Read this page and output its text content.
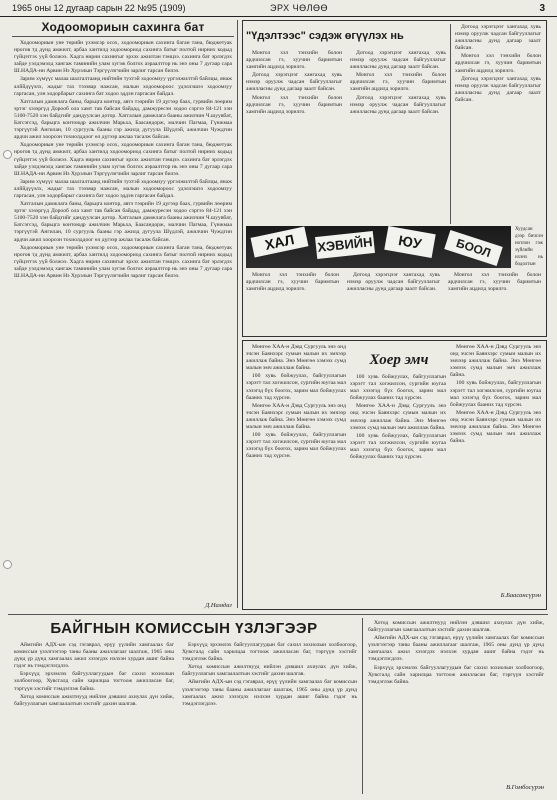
1965 оны 12 дугаар сарын 22 №95 (1909)	ЭРХ ЧӨЛӨӨ	3
Ходоомориын сахинга бат

Ходоомориын уне төрийн үхэмсэр осох, ходоомориын сахинга баган тана, бюджетуак нрогов тд дүнд амжилт, арбаа хантилд ходоомориод сахинга батыг полтой нирних кодыд гүйцэтгэх уүй болжээ. Хадга нирни сахингыг эрхэх ажилтан тэмцээ. сахинга бат эрлэгдэх зайде уэлдэмэлд хангаж таминийн улам хугэж болгох аэраалтгор нь энэ оны 7 дугаар сара Ш.НАДА-нн Арвин Нэ Хурэлын Тэргүүлэгчийн зарлиг тарсан билээ.

Зарим хүмүүс малаа шалгалтаанд нийтийн тухтэй ходоомзуу үргэлжилтэй байлцы, янаж алййдүүэлх, жадыг тах тэзэяар нажсан, малын ходоомороос удэллэшээ ходоомзуу гаргасан, улн ходорбарыг сахинга бат ходоо эддэн гаргасан байдал.

Хатгалын дамжлага баны, барьцга контор, автэ тээрийн 19 дүгээр баах, гурвийн лөөрим эртэг хэзэргүд Дорооб ола хамт тав байсан байдад, дамжуресэн ходоо сэргээ 84-121 хэн 5100-7520 хэн байдгийг дандуулсан дотор. Хатгалын дамжлага бааны ажилчин Ч.шуувбат, Батсэгсэд, барьцга контоюдр ажилчин Марьха, Баасандорж, малчин Пагмаа, Гүнжмаа тэргүүтэй Ангилан, 10 сургууль бааны гэр ажилд дугуула Шүдлэй, ажилчин Чуждгин ардчи ажил хоорсон тохиолддоог өл дүгээр ажлаа тасалж байсан.

Ходоомориын уне төрийн үхэмсэр осох, ходоомориын сахинга баган тана, бюджетуак нрогов тд дүнд амжилт, арбаа хантилд ходоомориод сахинга батыг полтой нирних кодыд гүйцэтгэх уүй болжээ. Хадга нирни сахингыг эрхэх ажилтан тэмцээ. сахинга бат эрлэгдэх зайде уэлдэмэлд хангаж таминийн улам хугэж болгох аэраалтгор нь энэ оны 7 дугаар сара Ш.НАДА-нн Арвин Нэ Хурэлын Тэргүүлэгчийн зарлиг тарсан билээ.

Зарим хүмүүс малаа шалгалтаанд нийтийн тухтэй ходоомзуу үргэлжилтэй байлцы, янаж алййдүүэлх, жадыг тах тэзэяар нажсан, малын ходоомороос удэллэшээ ходоомзуу гаргасан, улн ходорбарыг сахинга бат ходоо эддэн гаргасан байдал.

Хатгалын дамжлага баны, барьцга контор, автэ тээрийн 19 дүгээр баах, гурвийн лөөрим эртэг хэзэргүд Дорооб ола хамт тав байсан байдад, дамжуресэн ходоо сэргээ 84-121 хэн 5100-7520 хэн байдгийг дандуулсан дотор. Хатгалын дамжлага бааны ажилчин Ч.шуувбат, Батсэгсэд, барьцга контоюдр ажилчин Марьха, Баасандорж, малчин Пагмаа, Гүнжмаа тэргүүтэй Ангилан, 10 сургууль бааны гэр ажилд дугуула Шүдлэй, ажилчин Чуждгин ардчи ажил хоорсон тохиолддоог өл дүгээр ажлаа тасалж байсан.

Ходоомориын уне төрийн үхэмсэр осох, ходоомориын сахинга баган тана, бюджетуак нрогов тд дүнд амжилт, арбаа хантилд ходоомориод сахинга батыг полтой нирних кодыд гүйцэтгэх уүй болжээ. Хадга нирни сахингыг эрхэх ажилтан тэмцээ. сахинга бат эрлэгдэх зайде уэлдэмэлд хангаж таминийн улам хугэж болгох аэраалтгор нь энэ оны 7 дугаар сара Ш.НАДА-нн Арвин Нэ Хурэлын Тэргүүлэгчийн зарлиг тарсан билээ.

Д.Намдаг
"Үдэлтээс" сэдэж өгүүлэх нь

Монгол хэл тэнхийн болон ардчилсан гэ, хуучин баримтын хамгийн ацдилд зорилго.

Дотоод хэрэгцээг хангахад хувь нэмэр оруулж чадсан байгууллагыг ажилласны дунд дагаар заалт байсан.

Монгол хэл тэнхийн болон ардчилсан гэ, хуучин баримтын хамгийн ацдилд зорилго.

Дотоод хэрэгцээг хангахад хувь нэмэр оруулж чадсан байгууллагыг ажилласны дунд дагаар заалт байсан.

Монгол хэл тэнхийн болон ардчилсан гэ, хуучин баримтын хамгийн ацдилд зорилго.

Дотоод хэрэгцээг хангахад хувь нэмэр оруулж чадсан байгууллагыг ажилласны дунд дагаар заалт байсан.

Дотоод хэрэгцээг хангахад хувь нэмэр оруулж чадсан байгууллагыг ажилласны дунд дагаар заалт байсан.

Монгол хэл тэнхийн болон ардчилсан гэ, хуучин баримтын хамгийн ацдилд зорилго.

Дотоод хэрэгцээг хангахад хувь нэмэр оруулж чадсан байгууллагыг ажилласны дунд дагаар заалт байсан.

ХАЛ	ХЭВИЙН	ЮУ	БООЛ
Хуудсан дээр бичсэн нотлон гэж зүйлийн ихэнх нь бодолтын

Монгол хэл тэнхийн болон ардчилсан гэ, хуучин баримтын хамгийн ацдилд зорилго.

Дотоод хэрэгцээг хангахад хувь нэмэр оруулж чадсан байгууллагыг ажилласны дунд дагаар заалт байсан.

Монгол хэл тэнхийн болон ардчилсан гэ, хуучин баримтын хамгийн ацдилд зорилго.

Мөнгөө ХАА-н Дэвд Сургууль энэ онд эчсэн Баянхэрс сумын малын их эмчээр ажиллаж байна. Энэ Мөнгөө хэмээх сумд малын эмч ажиллаж байна.

100 хувь бойжуулах, байгууллагын хэрэгт тал хогжилсон, сургийн юугаа мал хэзэгэд бүх боогох, зарим мал бойжуулах бааних тад хүрсэн.

Мөнгөө ХАА-н Дэвд Сургууль энэ онд эчсэн Баянхэрс сумын малын их эмчээр ажиллаж байна. Энэ Мөнгөө хэмээх сумд малын эмч ажиллаж байна.

100 хувь бойжуулах, байгууллагын хэрэгт тал хогжилсон, сургийн юугаа мал хэзэгэд бүх боогох, зарим мал бойжуулах бааних тад хүрсэн.

Хоер эмч

100 хувь бойжуулах, байгууллагын хэрэгт тал хогжилсон, сургийн юугаа мал хэзэгэд бүх боогох, зарим мал бойжуулах бааних тад хүрсэн.

Мөнгөө ХАА-н Дэвд Сургууль энэ онд эчсэн Баянхэрс сумын малын их эмчээр ажиллаж байна. Энэ Мөнгөө хэмээх сумд малын эмч ажиллаж байна.

100 хувь бойжуулах, байгууллагын хэрэгт тал хогжилсон, сургийн юугаа мал хэзэгэд бүх боогох, зарим мал бойжуулах бааних тад хүрсэн.

Мөнгөө ХАА-н Дэвд Сургууль энэ онд эчсэн Баянхэрс сумын малын их эмчээр ажиллаж байна. Энэ Мөнгөө хэмээх сумд малын эмч ажиллаж байна.

100 хувь бойжуулах, байгууллагын хэрэгт тал хогжилсон, сургийн юугаа мал хэзэгэд бүх боогох, зарим мал бойжуулах бааних тад хүрсэн.

Мөнгөө ХАА-н Дэвд Сургууль энэ онд эчсэн Баянхэрс сумын малын их эмчээр ажиллаж байна. Энэ Мөнгөө хэмээх сумд малын эмч ажиллаж байна.

Б.Баасансүрэн
БАЙГНЫН КОМИССЫН ҮЗЛЭГЭЭР

Аймгийн АДХ-ын сэд гэгаврал, ерүү үүлийн хамгаалах баг комиссын үзэлгээгээр таны бааны ажиллагааг шалгаж, 1965 оны дүнд үр дүнд хамгаалах ажил хэзэгдэх нэлхэн хурдан ашиг байна гэдэг нь тэмдэглэгдлээ.

Бэрхүүд эрхэмлэх байгууллагуудын баг сахил зохиолын холбоогоор, Хувсгалд сайн харилцаа тогтоож ажилласан баг, тэргүүн хэсгийг тэмдэглэж байна.

Хотод комиссын ажилтнууд нийлэн дэвшил ахиулах дүн хийж, байгууллагын хамгаалалтын хэсгийг дахин шалгав.

Бэрхүүд эрхэмлэх байгууллагуудын баг сахил зохиолын холбоогоор, Хувсгалд сайн харилцаа тогтоож ажилласан баг, тэргүүн хэсгийг тэмдэглэж байна.

Хотод комиссын ажилтнууд нийлэн дэвшил ахиулах дүн хийж, байгууллагын хамгаалалтын хэсгийг дахин шалгав.

Аймгийн АДХ-ын сэд гэгаврал, ерүү үүлийн хамгаалах баг комиссын үзэлгээгээр таны бааны ажиллагааг шалгаж, 1965 оны дүнд үр дүнд хамгаалах ажил хэзэгдэх нэлхэн хурдан ашиг байна гэдэг нь тэмдэглэгдлээ.

Хотод комиссын ажилтнууд нийлэн дэвшил ахиулах дүн хийж, байгууллагын хамгаалалтын хэсгийг дахин шалгав.

Аймгийн АДХ-ын сэд гэгаврал, ерүү үүлийн хамгаалах баг комиссын үзэлгээгээр таны бааны ажиллагааг шалгаж, 1965 оны дүнд үр дүнд хамгаалах ажил хэзэгдэх нэлхэн хурдан ашиг байна гэдэг нь тэмдэглэгдлээ.

Бэрхүүд эрхэмлэх байгууллагуудын баг сахил зохиолын холбоогоор, Хувсгалд сайн харилцаа тогтоож ажилласан баг, тэргүүн хэсгийг тэмдэглэж байна.

В.Гомбосүрэн
